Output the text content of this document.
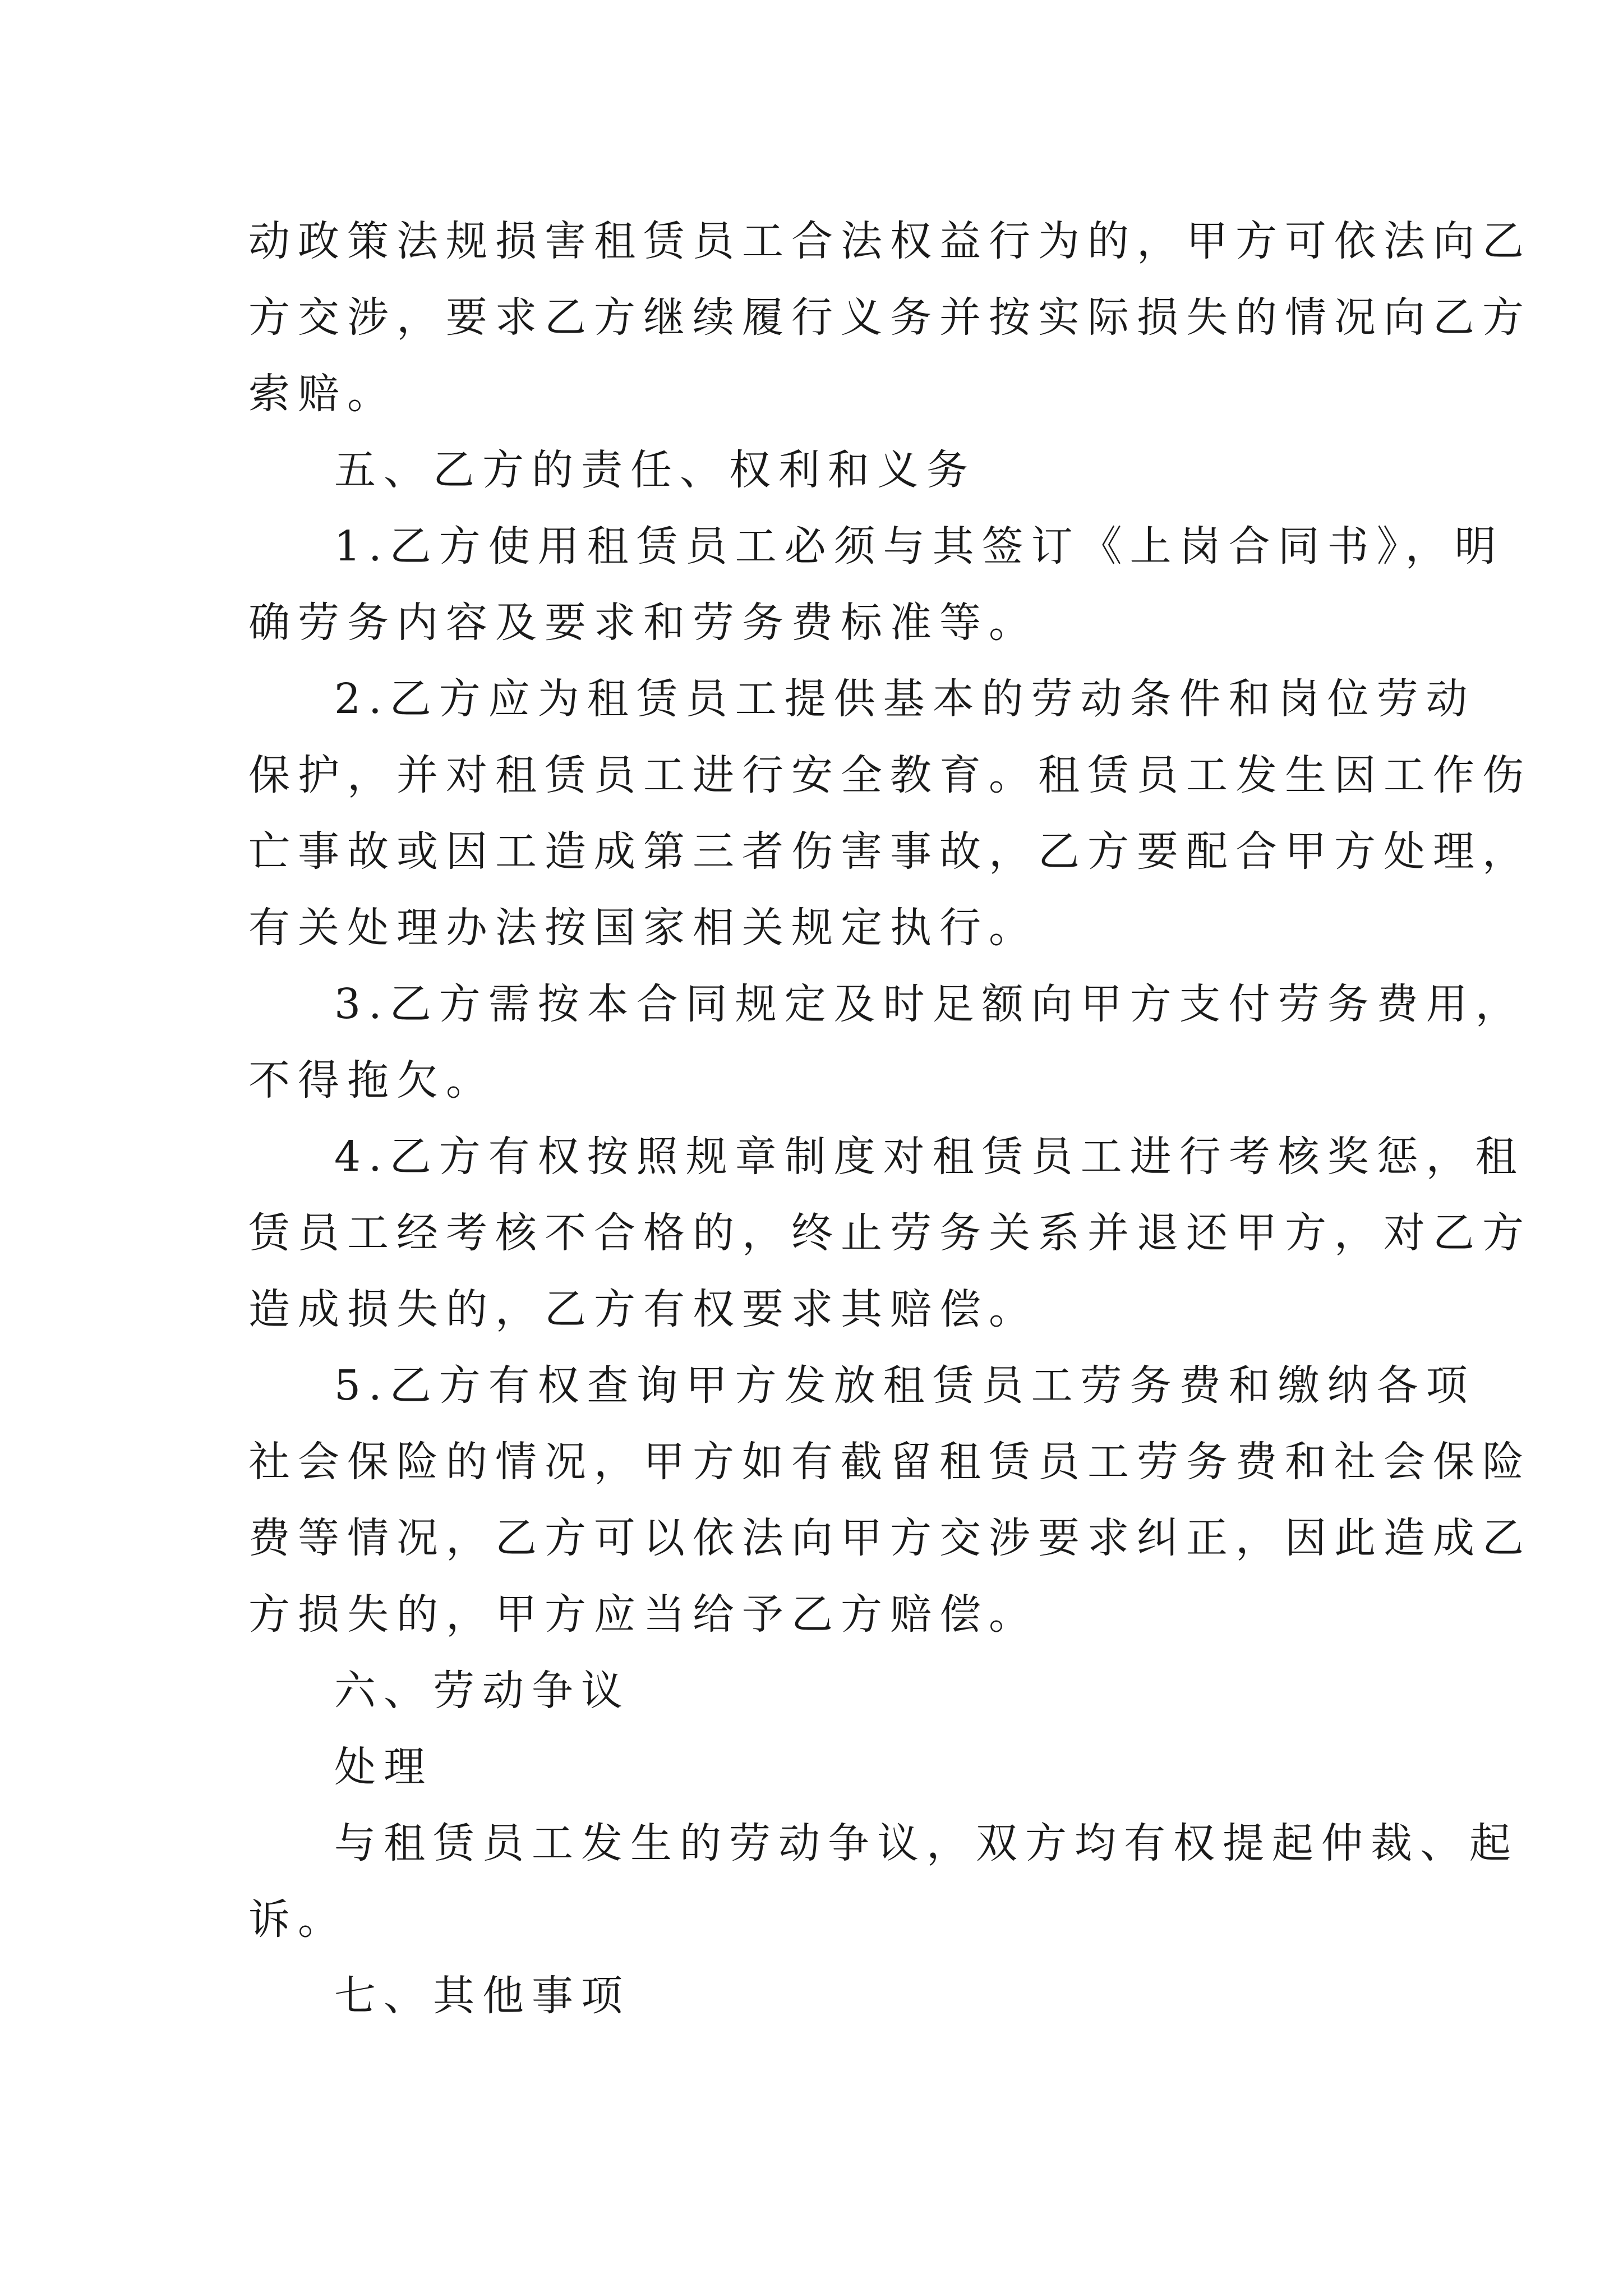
动政策法规损害租赁员工合法权益行为的，甲方可依法向乙

方交涉，要求乙方继续履行义务并按实际损失的情况向乙方

索赔。

五、乙方的责任、权利和义务

1.乙方使用租赁员工必须与其签订《上岗合同书》，明

确劳务内容及要求和劳务费标准等。

2.乙方应为租赁员工提供基本的劳动条件和岗位劳动

保护，并对租赁员工进行安全教育。租赁员工发生因工作伤

亡事故或因工造成第三者伤害事故，乙方要配合甲方处理，

有关处理办法按国家相关规定执行。

3.乙方需按本合同规定及时足额向甲方支付劳务费用，

不得拖欠。

4.乙方有权按照规章制度对租赁员工进行考核奖惩，租

赁员工经考核不合格的，终止劳务关系并退还甲方，对乙方

造成损失的，乙方有权要求其赔偿。

5.乙方有权查询甲方发放租赁员工劳务费和缴纳各项

社会保险的情况，甲方如有截留租赁员工劳务费和社会保险

费等情况，乙方可以依法向甲方交涉要求纠正，因此造成乙

方损失的，甲方应当给予乙方赔偿。

六、劳动争议

处理

与租赁员工发生的劳动争议，双方均有权提起仲裁、起

诉。

七、其他事项
